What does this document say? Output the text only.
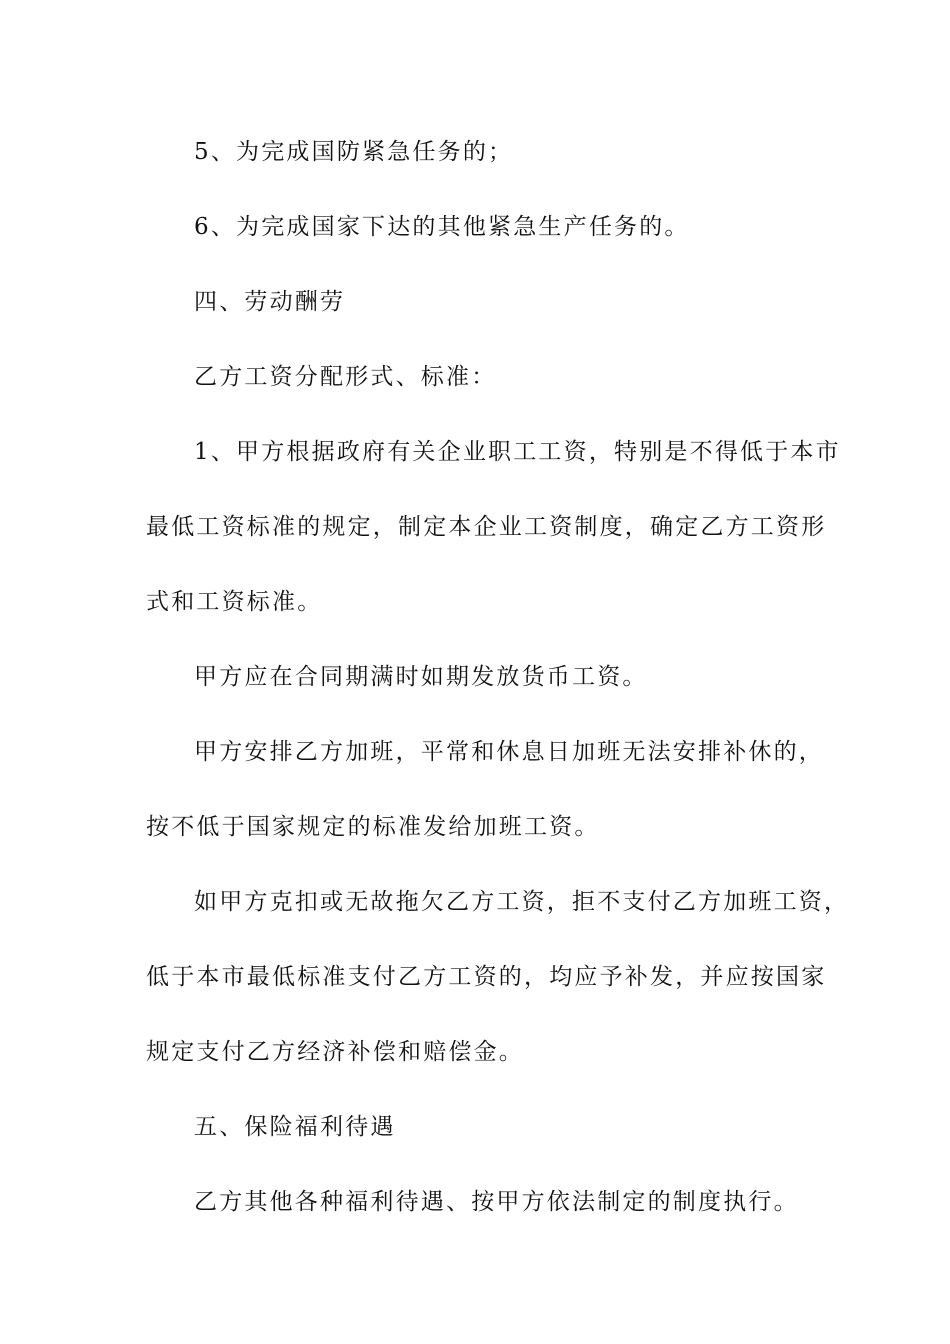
5、为完成国防紧急任务的；
6、为完成国家下达的其他紧急生产任务的。
四、劳动酬劳
乙方工资分配形式、标准：
1、甲方根据政府有关企业职工工资，特别是不得低于本市
最低工资标准的规定，制定本企业工资制度，确定乙方工资形
式和工资标准。
甲方应在合同期满时如期发放货币工资。
甲方安排乙方加班，平常和休息日加班无法安排补休的，
按不低于国家规定的标准发给加班工资。
如甲方克扣或无故拖欠乙方工资，拒不支付乙方加班工资，
低于本市最低标准支付乙方工资的，均应予补发，并应按国家
规定支付乙方经济补偿和赔偿金。
五、保险福利待遇
乙方其他各种福利待遇、按甲方依法制定的制度执行。
